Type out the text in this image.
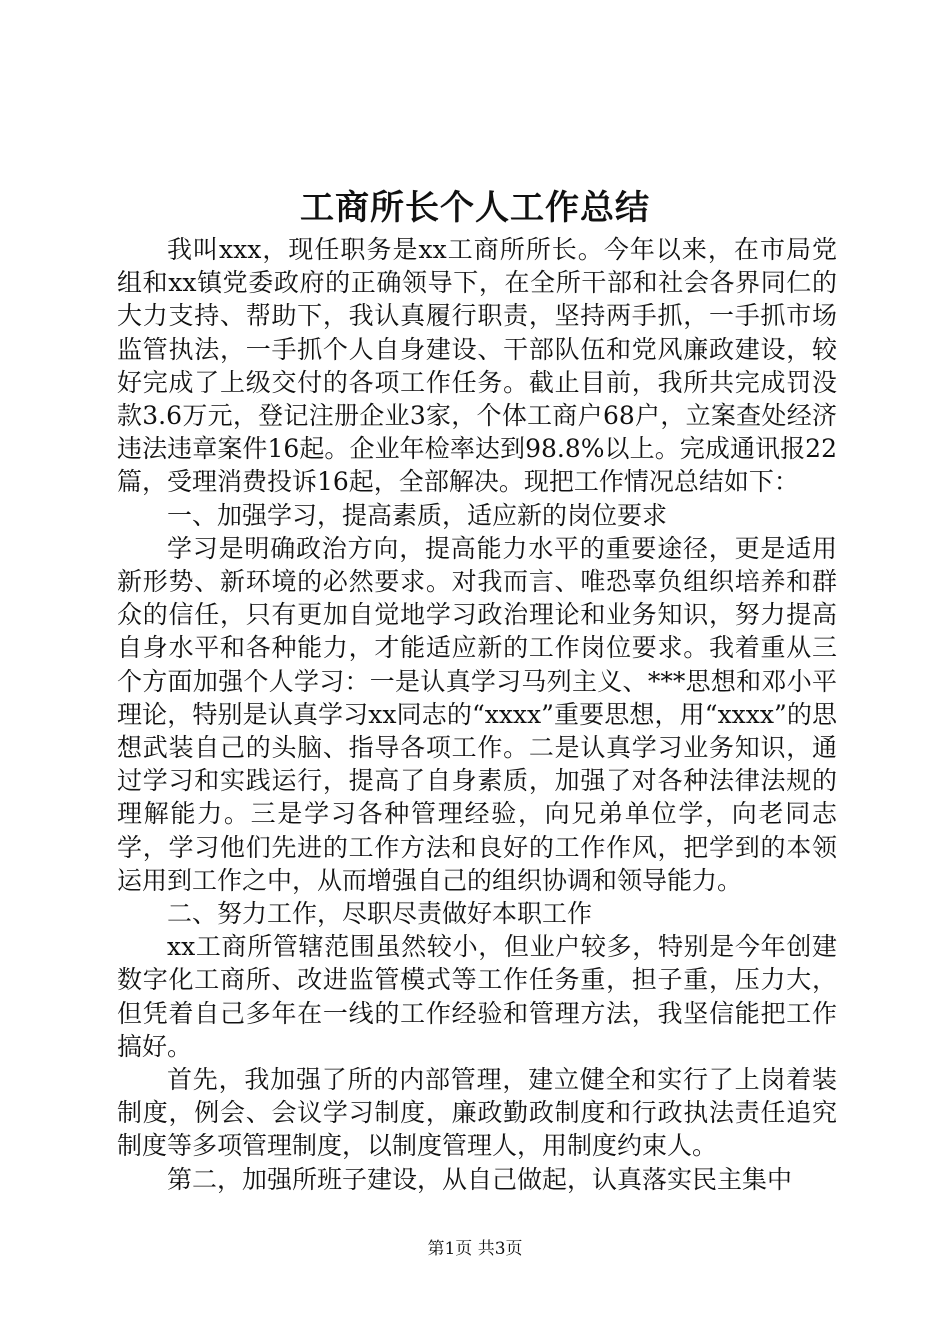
工商所长个人工作总结

我叫xxx，现任职务是xx工商所所长。今年以来，在市局党组和xx镇党委政府的正确领导下，在全所干部和社会各界同仁的大力支持、帮助下，我认真履行职责，坚持两手抓，一手抓市场监管执法，一手抓个人自身建设、干部队伍和党风廉政建设，较好完成了上级交付的各项工作任务。截止目前，我所共完成罚没款3.6万元，登记注册企业3家，个体工商户68户，立案查处经济违法违章案件16起。企业年检率达到98.8%以上。完成通讯报22篇，受理消费投诉16起，全部解决。现把工作情况总结如下：

一、加强学习，提高素质，适应新的岗位要求

学习是明确政治方向，提高能力水平的重要途径，更是适用新形势、新环境的必然要求。对我而言、唯恐辜负组织培养和群众的信任，只有更加自觉地学习政治理论和业务知识，努力提高自身水平和各种能力，才能适应新的工作岗位要求。我着重从三个方面加强个人学习：一是认真学习马列主义、***思想和邓小平理论，特别是认真学习xx同志的“xxxx”重要思想，用“xxxx”的思想武装自己的头脑、指导各项工作。二是认真学习业务知识，通过学习和实践运行，提高了自身素质，加强了对各种法律法规的理解能力。三是学习各种管理经验，向兄弟单位学，向老同志学，学习他们先进的工作方法和良好的工作作风，把学到的本领运用到工作之中，从而增强自己的组织协调和领导能力。

二、努力工作，尽职尽责做好本职工作

xx工商所管辖范围虽然较小，但业户较多，特别是今年创建数字化工商所、改进监管模式等工作任务重，担子重，压力大，但凭着自己多年在一线的工作经验和管理方法，我坚信能把工作搞好。

首先，我加强了所的内部管理，建立健全和实行了上岗着装制度，例会、会议学习制度，廉政勤政制度和行政执法责任追究制度等多项管理制度，以制度管理人，用制度约束人。

第二，加强所班子建设，从自己做起，认真落实民主集中

第1页 共3页
